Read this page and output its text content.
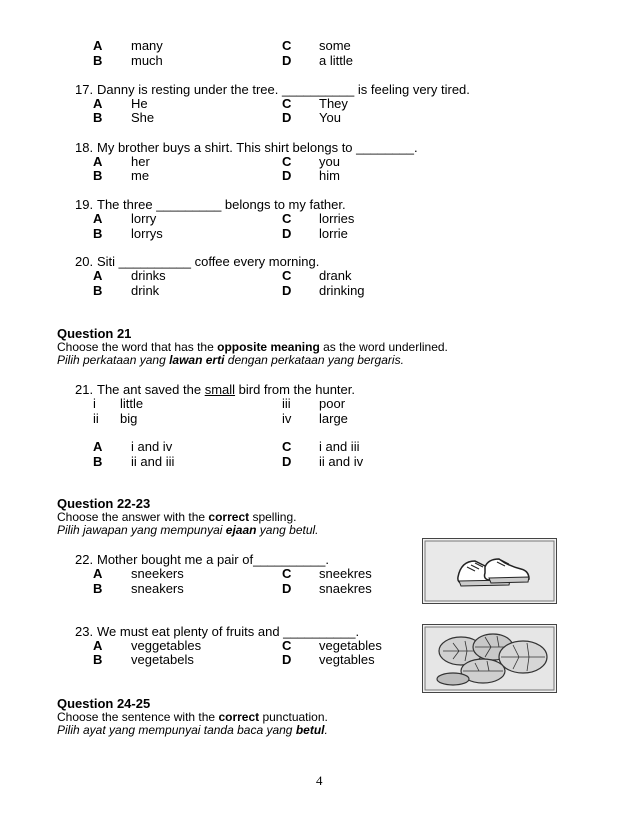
A many	C some
B much	D a little
17. Danny is resting under the tree. __________ is feeling very tired.
A He	C They
B She	D You
18. My brother buys a shirt. This shirt belongs to ________.
A her	C you
B me	D him
19. The three _________ belongs to my father.
A lorry	C lorries
B lorrys	D lorrie
20. Siti __________ coffee every morning.
A drinks	C drank
B drink	D drinking
Question 21
Choose the word that has the opposite meaning as the word underlined.
Pilih perkataan yang lawan erti dengan perkataan yang bergaris.
21. The ant saved the small bird from the hunter.
i little	iii poor
ii big	iv large
A i and iv	C i and iii
B ii and iii	D ii and iv
Question 22-23
Choose the answer with the correct spelling.
Pilih jawapan yang mempunyai ejaan yang betul.
22. Mother bought me a pair of__________.
A sneekers	C sneekres
B sneakers	D snaekres
23. We must eat plenty of fruits and __________.
A veggetables	C vegetables
B vegetabels	D vegtables
Question 24-25
Choose the sentence with the correct punctuation.
Pilih ayat yang mempunyai tanda baca yang betul.
4
